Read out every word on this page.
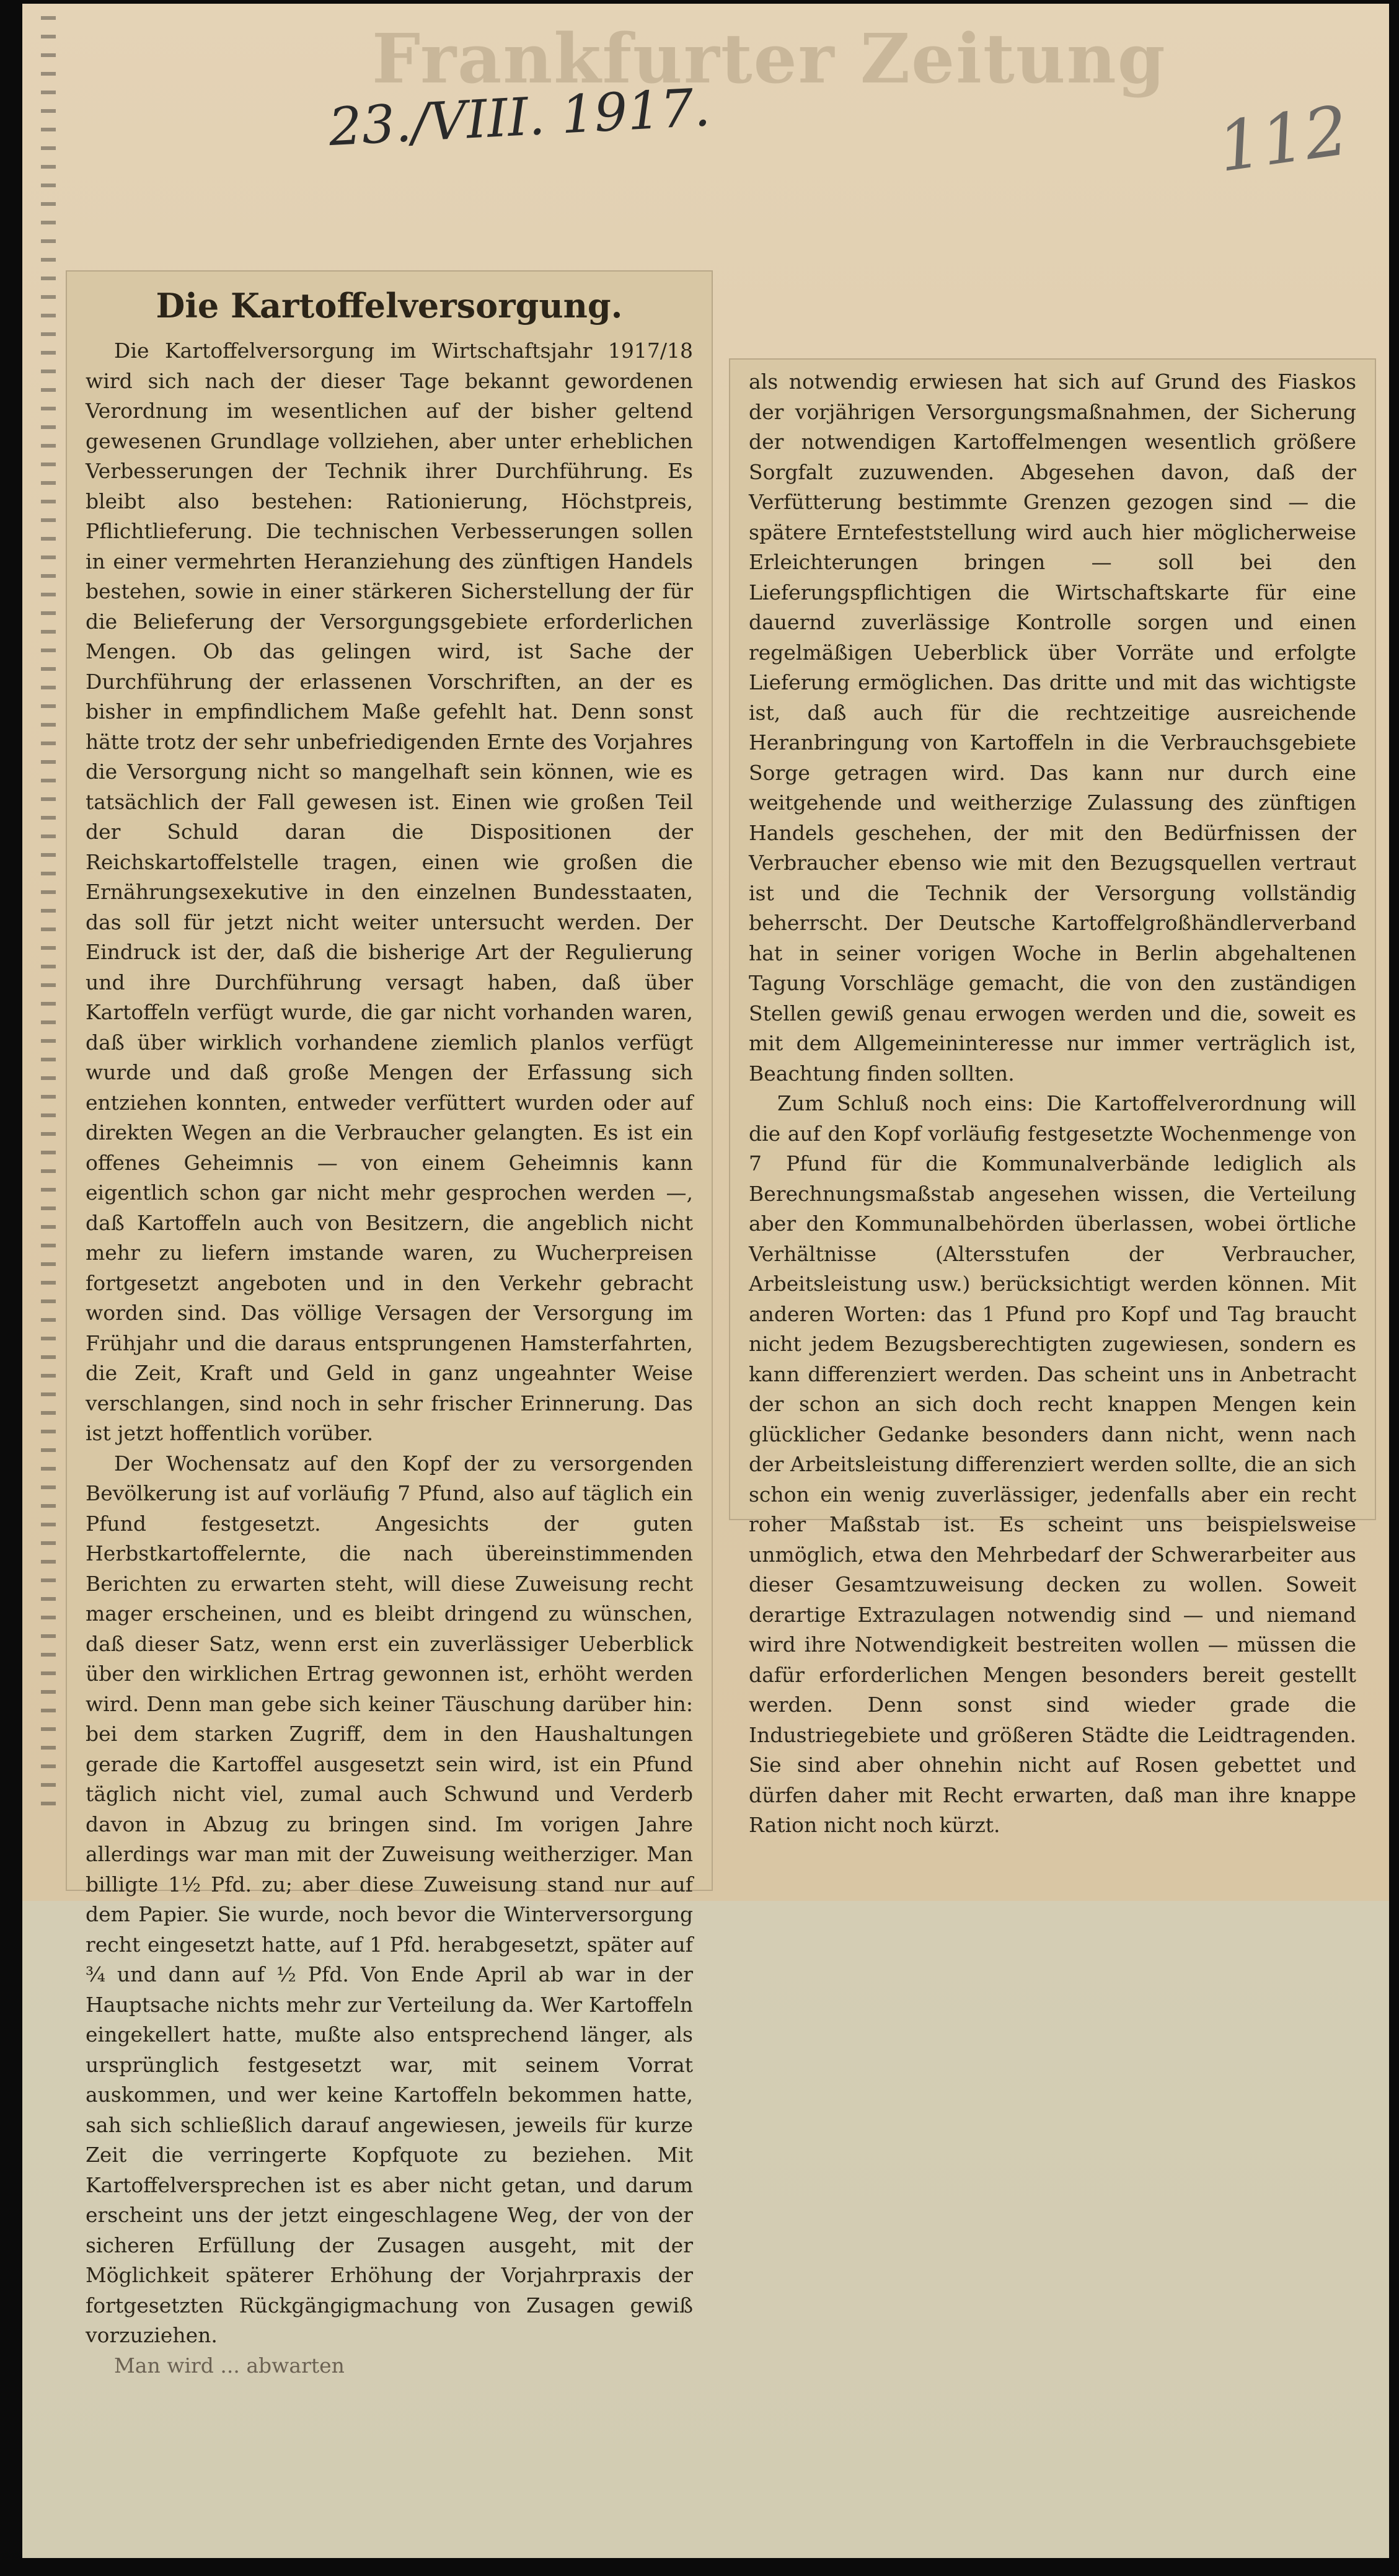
Frankfurter Zeitung
23./VIII. 1917.	112
Die Kartoffelversorgung.

Die Kartoffelversorgung im Wirtschaftsjahr 1917/18 wird sich nach der dieser Tage bekannt gewordenen Verordnung im wesentlichen auf der bisher geltend gewesenen Grundlage vollziehen, aber unter erheblichen Verbesserungen der Technik ihrer Durchführung. Es bleibt also bestehen: Rationierung, Höchstpreis, Pflichtlieferung. Die technischen Verbesserungen sollen in einer vermehrten Heranziehung des zünftigen Handels bestehen, sowie in einer stärkeren Sicherstellung der für die Belieferung der Versorgungsgebiete erforderlichen Mengen. Ob das gelingen wird, ist Sache der Durchführung der erlassenen Vorschriften, an der es bisher in empfindlichem Maße gefehlt hat. Denn sonst hätte trotz der sehr unbefriedigenden Ernte des Vorjahres die Versorgung nicht so mangelhaft sein können, wie es tatsächlich der Fall gewesen ist. Einen wie großen Teil der Schuld daran die Dispositionen der Reichskartoffelstelle tragen, einen wie großen die Ernährungsexekutive in den einzelnen Bundesstaaten, das soll für jetzt nicht weiter untersucht werden. Der Eindruck ist der, daß die bisherige Art der Regulierung und ihre Durchführung versagt haben, daß über Kartoffeln verfügt wurde, die gar nicht vorhanden waren, daß über wirklich vorhandene ziemlich planlos verfügt wurde und daß große Mengen der Erfassung sich entziehen konnten, entweder verfüttert wurden oder auf direkten Wegen an die Verbraucher gelangten. Es ist ein offenes Geheimnis — von einem Geheimnis kann eigentlich schon gar nicht mehr gesprochen werden —, daß Kartoffeln auch von Besitzern, die angeblich nicht mehr zu liefern imstande waren, zu Wucherpreisen fortgesetzt angeboten und in den Verkehr gebracht worden sind. Das völlige Versagen der Versorgung im Frühjahr und die daraus entsprungenen Hamsterfahrten, die Zeit, Kraft und Geld in ganz ungeahnter Weise verschlangen, sind noch in sehr frischer Erinnerung. Das ist jetzt hoffentlich vorüber.

Der Wochensatz auf den Kopf der zu versorgenden Bevölkerung ist auf vorläufig 7 Pfund, also auf täglich ein Pfund festgesetzt. Angesichts der guten Herbstkartoffelernte, die nach übereinstimmenden Berichten zu erwarten steht, will diese Zuweisung recht mager erscheinen, und es bleibt dringend zu wünschen, daß dieser Satz, wenn erst ein zuverlässiger Ueberblick über den wirklichen Ertrag gewonnen ist, erhöht werden wird. Denn man gebe sich keiner Täuschung darüber hin: bei dem starken Zugriff, dem in den Haushaltungen gerade die Kartoffel ausgesetzt sein wird, ist ein Pfund täglich nicht viel, zumal auch Schwund und Verderb davon in Abzug zu bringen sind. Im vorigen Jahre allerdings war man mit der Zuweisung weitherziger. Man billigte 1½ Pfd. zu; aber diese Zuweisung stand nur auf dem Papier. Sie wurde, noch bevor die Winterversorgung recht eingesetzt hatte, auf 1 Pfd. herabgesetzt, später auf ¾ und dann auf ½ Pfd. Von Ende April ab war in der Hauptsache nichts mehr zur Verteilung da. Wer Kartoffeln eingekellert hatte, mußte also entsprechend länger, als ursprünglich festgesetzt war, mit seinem Vorrat auskommen, und wer keine Kartoffeln bekommen hatte, sah sich schließlich darauf angewiesen, jeweils für kurze Zeit die verringerte Kopfquote zu beziehen. Mit Kartoffelversprechen ist es aber nicht getan, und darum erscheint uns der jetzt eingeschlagene Weg, der von der sicheren Erfüllung der Zusagen ausgeht, mit der Möglichkeit späterer Erhöhung der Vorjahrpraxis der fortgesetzten Rückgängigmachung von Zusagen gewiß vorzuziehen.

Man wird ... abwarten

als notwendig erwiesen hat sich auf Grund des Fiaskos der vorjährigen Versorgungsmaßnahmen, der Sicherung der notwendigen Kartoffelmengen wesentlich größere Sorgfalt zuzuwenden. Abgesehen davon, daß der Verfütterung bestimmte Grenzen gezogen sind — die spätere Erntefeststellung wird auch hier möglicherweise Erleichterungen bringen — soll bei den Lieferungspflichtigen die Wirtschaftskarte für eine dauernd zuverlässige Kontrolle sorgen und einen regelmäßigen Ueberblick über Vorräte und erfolgte Lieferung ermöglichen. Das dritte und mit das wichtigste ist, daß auch für die rechtzeitige ausreichende Heranbringung von Kartoffeln in die Verbrauchsgebiete Sorge getragen wird. Das kann nur durch eine weitgehende und weitherzige Zulassung des zünftigen Handels geschehen, der mit den Bedürfnissen der Verbraucher ebenso wie mit den Bezugsquellen vertraut ist und die Technik der Versorgung vollständig beherrscht. Der Deutsche Kartoffelgroßhändlerverband hat in seiner vorigen Woche in Berlin abgehaltenen Tagung Vorschläge gemacht, die von den zuständigen Stellen gewiß genau erwogen werden und die, soweit es mit dem Allgemeininteresse nur immer verträglich ist, Beachtung finden sollten.

Zum Schluß noch eins: Die Kartoffelverordnung will die auf den Kopf vorläufig festgesetzte Wochenmenge von 7 Pfund für die Kommunalverbände lediglich als Berechnungsmaßstab angesehen wissen, die Verteilung aber den Kommunalbehörden überlassen, wobei örtliche Verhältnisse (Altersstufen der Verbraucher, Arbeitsleistung usw.) berücksichtigt werden können. Mit anderen Worten: das 1 Pfund pro Kopf und Tag braucht nicht jedem Bezugsberechtigten zugewiesen, sondern es kann differenziert werden. Das scheint uns in Anbetracht der schon an sich doch recht knappen Mengen kein glücklicher Gedanke besonders dann nicht, wenn nach der Arbeitsleistung differenziert werden sollte, die an sich schon ein wenig zuverlässiger, jedenfalls aber ein recht roher Maßstab ist. Es scheint uns beispielsweise unmöglich, etwa den Mehrbedarf der Schwerarbeiter aus dieser Gesamtzuweisung decken zu wollen. Soweit derartige Extrazulagen notwendig sind — und niemand wird ihre Notwendigkeit bestreiten wollen — müssen die dafür erforderlichen Mengen besonders bereit gestellt werden. Denn sonst sind wieder grade die Industriegebiete und größeren Städte die Leidtragenden. Sie sind aber ohnehin nicht auf Rosen gebettet und dürfen daher mit Recht erwarten, daß man ihre knappe Ration nicht noch kürzt.
